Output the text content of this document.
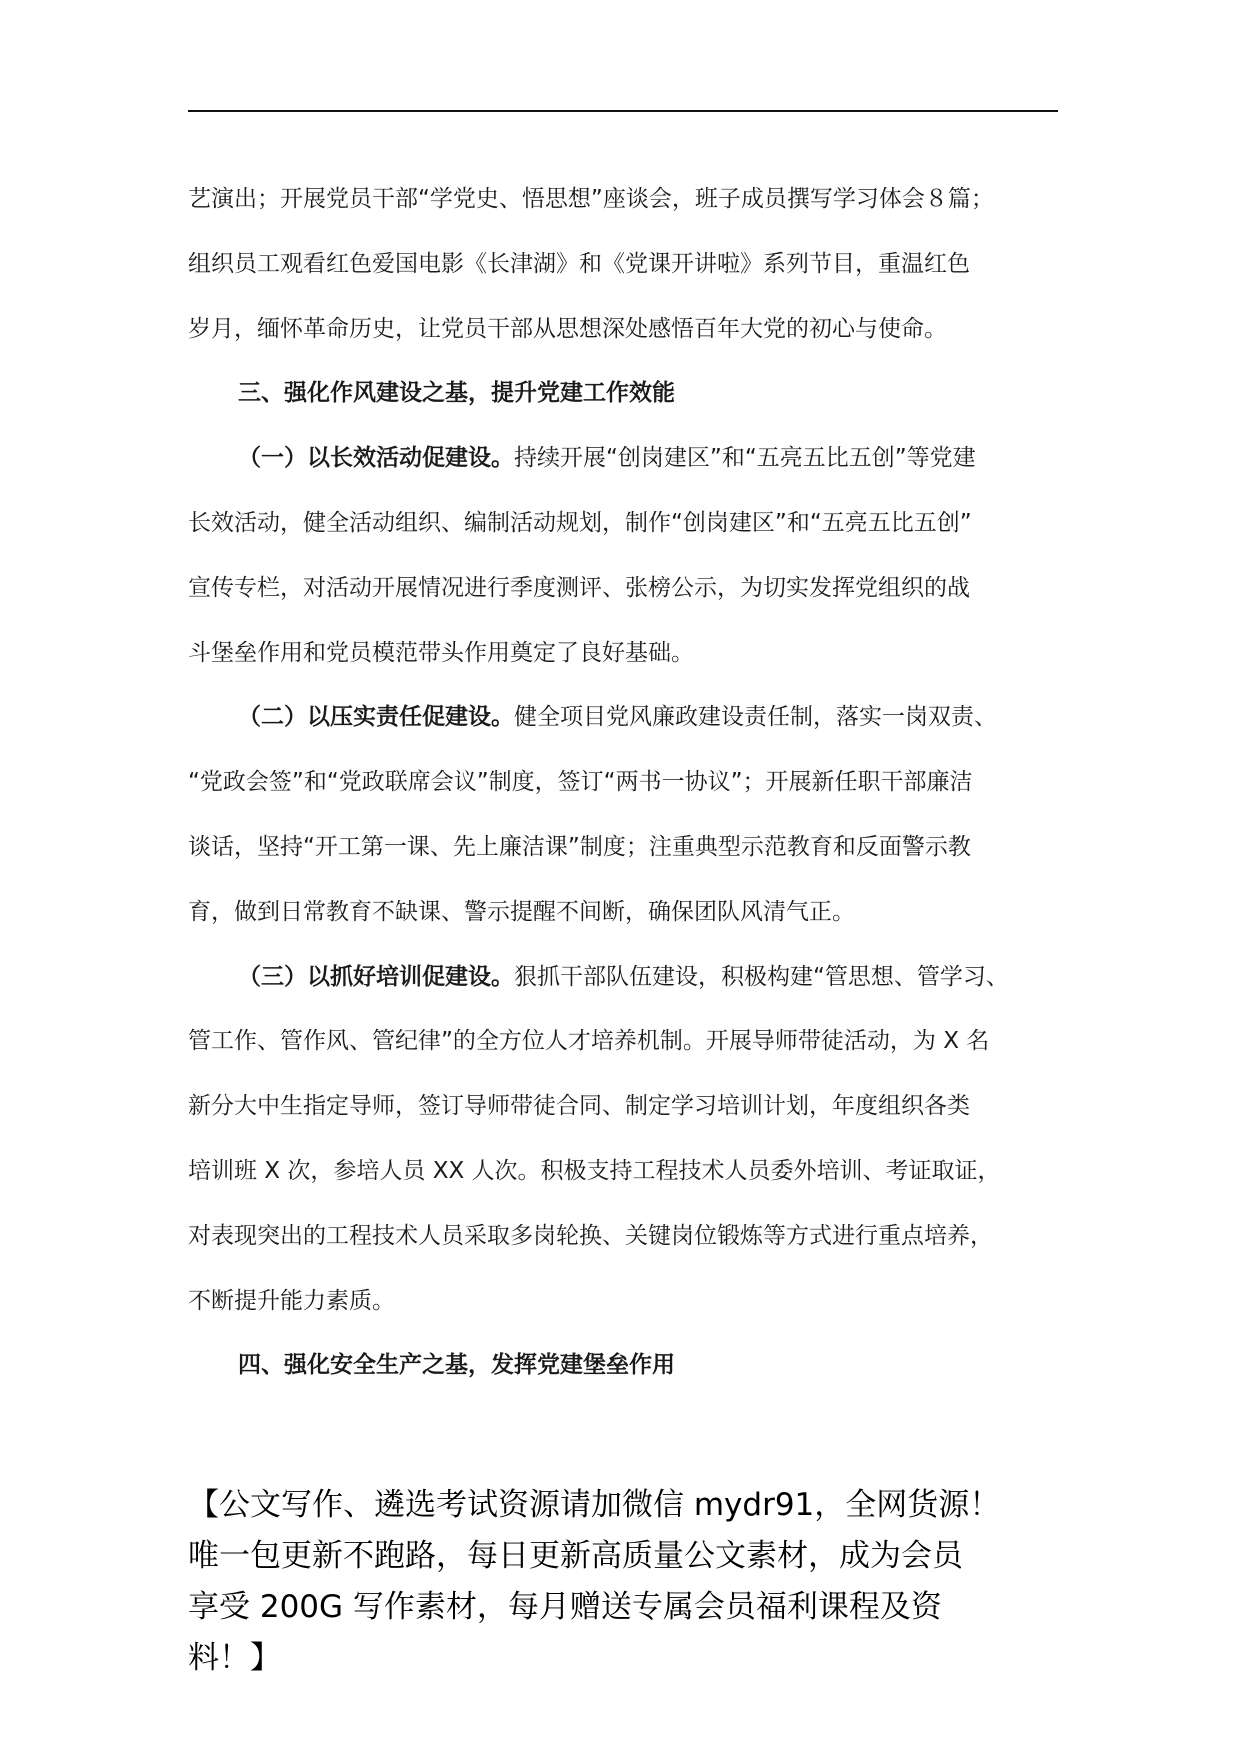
艺演出；开展党员干部“学党史、悟思想”座谈会，班子成员撰写学习体会８篇；

组织员工观看红色爱国电影《长津湖》和《党课开讲啦》系列节目，重温红色

岁月，缅怀革命历史，让党员干部从思想深处感悟百年大党的初心与使命。

三、强化作风建设之基，提升党建工作效能

（一）以长效活动促建设。持续开展“创岗建区”和“五亮五比五创”等党建

长效活动，健全活动组织、编制活动规划，制作“创岗建区”和“五亮五比五创”

宣传专栏，对活动开展情况进行季度测评、张榜公示，为切实发挥党组织的战

斗堡垒作用和党员模范带头作用奠定了良好基础。

（二）以压实责任促建设。健全项目党风廉政建设责任制，落实一岗双责、

“党政会签”和“党政联席会议”制度，签订“两书一协议”；开展新任职干部廉洁

谈话，坚持“开工第一课、先上廉洁课”制度；注重典型示范教育和反面警示教

育，做到日常教育不缺课、警示提醒不间断，确保团队风清气正。

（三）以抓好培训促建设。狠抓干部队伍建设，积极构建“管思想、管学习、

管工作、管作风、管纪律”的全方位人才培养机制。开展导师带徒活动，为 X 名

新分大中生指定导师，签订导师带徒合同、制定学习培训计划，年度组织各类

培训班 X 次，参培人员 XX 人次。积极支持工程技术人员委外培训、考证取证，

对表现突出的工程技术人员采取多岗轮换、关键岗位锻炼等方式进行重点培养，

不断提升能力素质。

四、强化安全生产之基，发挥党建堡垒作用

【公文写作、遴选考试资源请加微信 mydr91，全网货源！

唯一包更新不跑路，每日更新高质量公文素材，成为会员

享受 200G 写作素材，每月赠送专属会员福利课程及资

料！】
